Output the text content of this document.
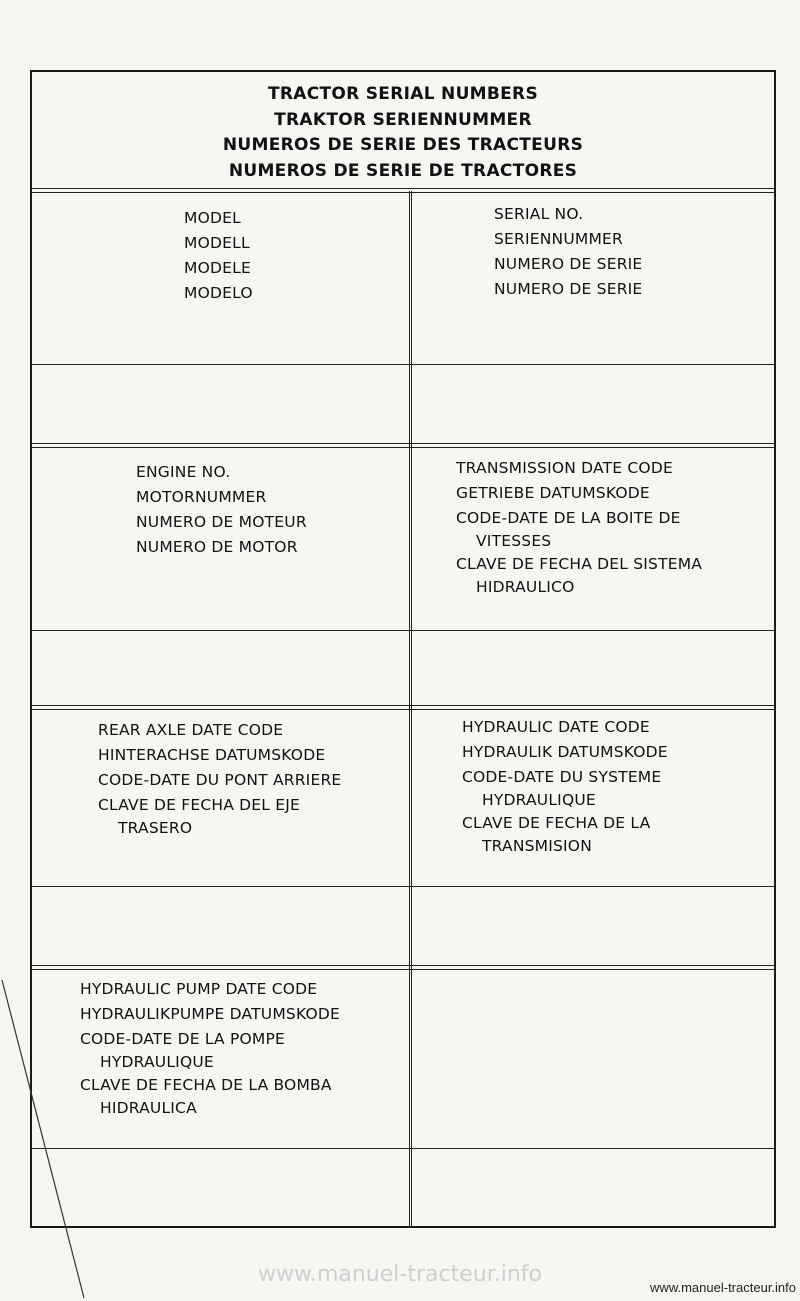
TRACTOR SERIAL NUMBERS
TRAKTOR SERIENNUMMER
NUMEROS DE SERIE DES TRACTEURS
NUMEROS DE SERIE DE TRACTORES
MODEL
MODELL
MODELE
MODELO
SERIAL NO.
SERIENNUMMER
NUMERO DE SERIE
NUMERO DE SERIE
ENGINE NO.
MOTORNUMMER
NUMERO DE MOTEUR
NUMERO DE MOTOR
TRANSMISSION DATE CODE
GETRIEBE DATUMSKODE
CODE-DATE DE LA BOITE DE
VITESSES
CLAVE DE FECHA DEL SISTEMA
HIDRAULICO
REAR AXLE DATE CODE
HINTERACHSE DATUMSKODE
CODE-DATE DU PONT ARRIERE
CLAVE DE FECHA DEL EJE
TRASERO
HYDRAULIC DATE CODE
HYDRAULIK DATUMSKODE
CODE-DATE DU SYSTEME
HYDRAULIQUE
CLAVE DE FECHA DE LA
TRANSMISION
HYDRAULIC PUMP DATE CODE
HYDRAULIKPUMPE DATUMSKODE
CODE-DATE DE LA POMPE
HYDRAULIQUE
CLAVE DE FECHA DE LA BOMBA
HIDRAULICA
www.manuel-tracteur.info
www.manuel-tracteur.info
